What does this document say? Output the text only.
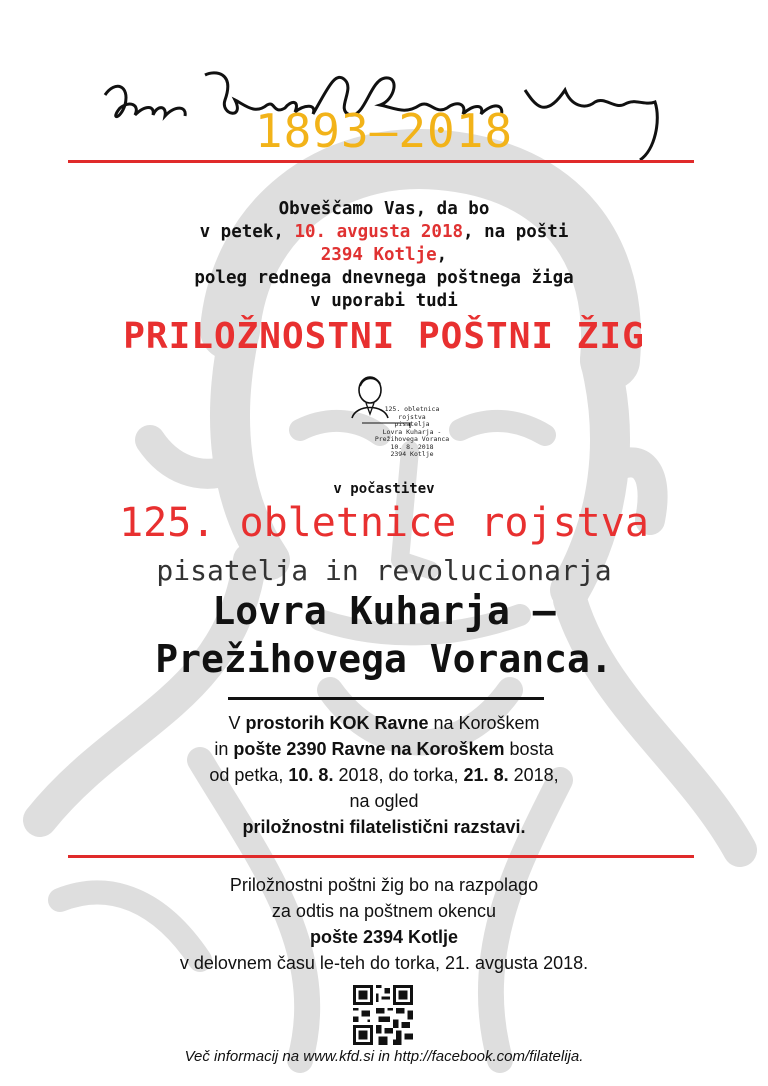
1893–2018
Obveščamo Vas, da bo
v petek, 10. avgusta 2018, na pošti
2394 Kotlje,
poleg rednega dnevnega poštnega žiga
v uporabi tudi
PRILOŽNOSTNI POŠTNI ŽIG
125. obletnica
rojstva
pisatelja
Lovra Kuharja -
Prežihovega Voranca
10. 8. 2018
2394 Kotlje
v počastitev
125. obletnice rojstva
pisatelja in revolucionarja
Lovra Kuharja –
Prežihovega Voranca.
V prostorih KOK Ravne na Koroškem
in pošte 2390 Ravne na Koroškem bosta
od petka, 10. 8. 2018, do torka, 21. 8. 2018,
na ogled
priložnostni filatelistični razstavi.
Priložnostni poštni žig bo na razpolago
za odtis na poštnem okencu
pošte 2394 Kotlje
v delovnem času le-teh do torka, 21. avgusta 2018.
Več informacij na www.kfd.si in http://facebook.com/filatelija.
